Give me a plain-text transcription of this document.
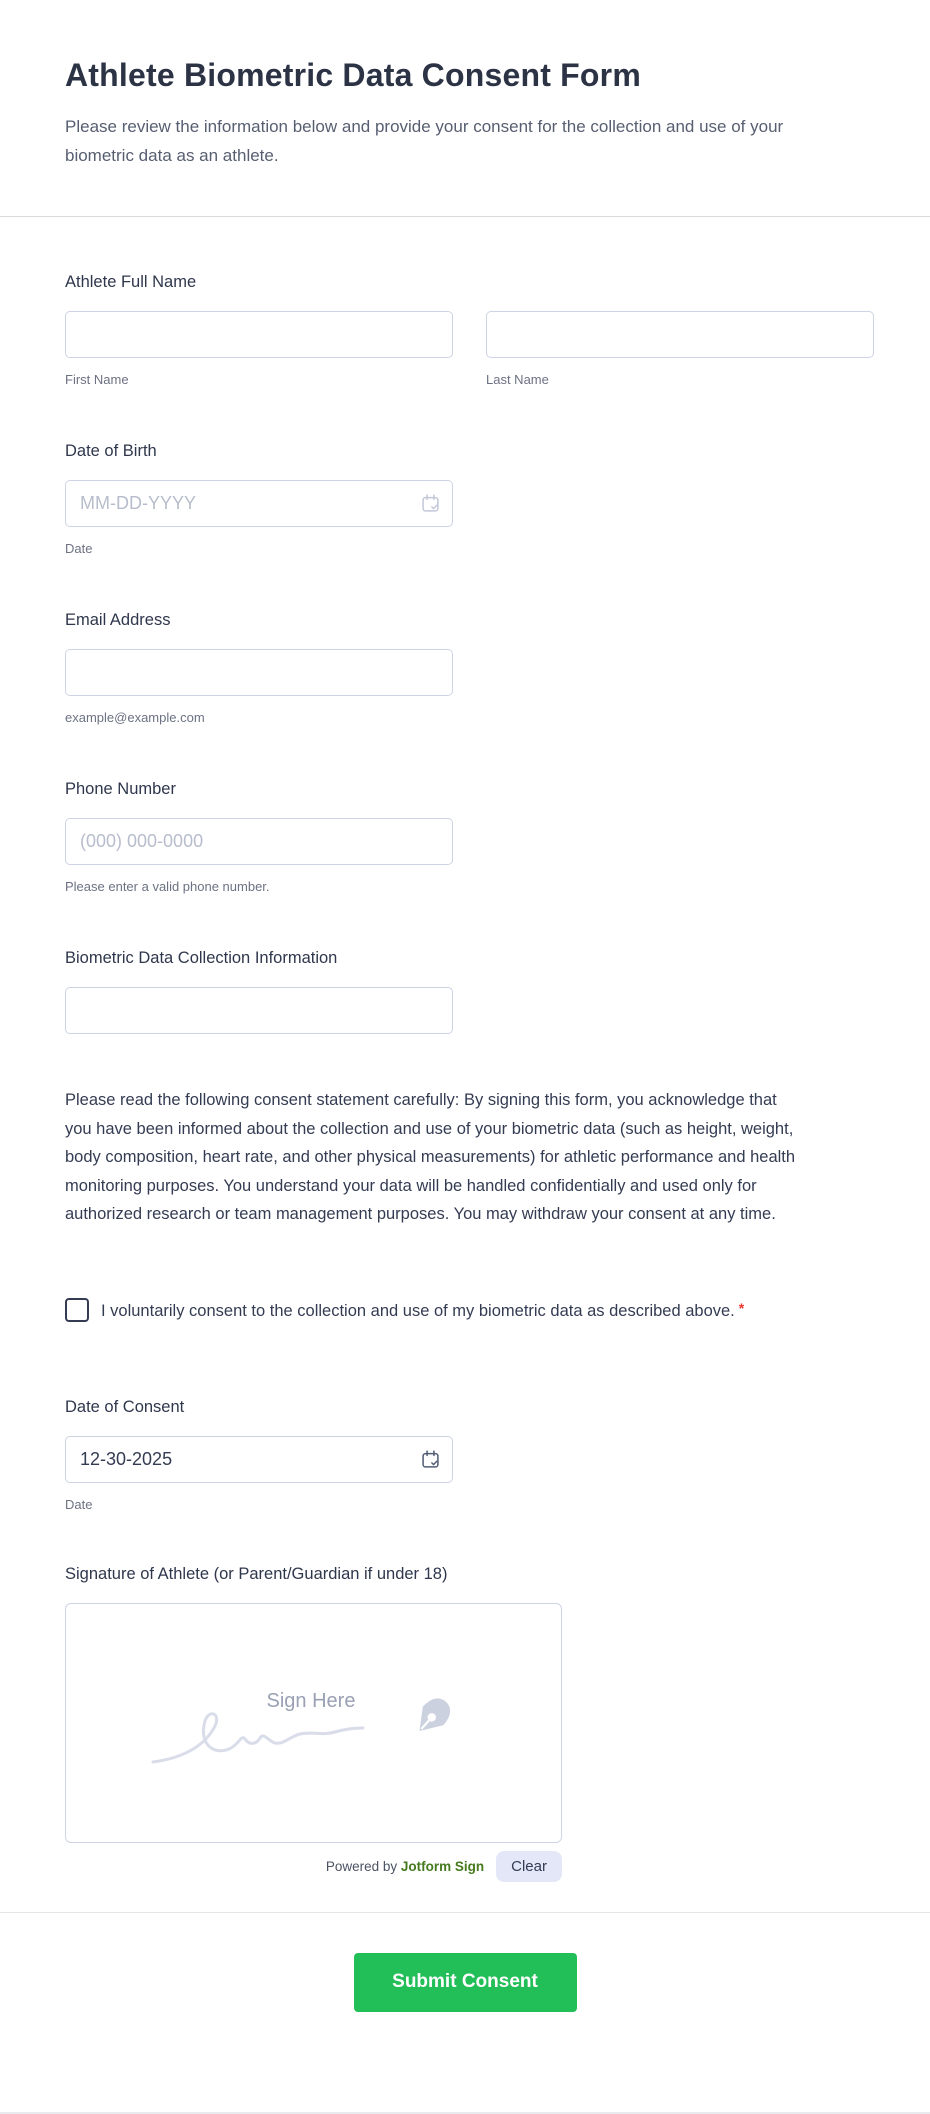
Athlete Biometric Data Consent Form

Please review the information below and provide your consent for the collection and use of your biometric data as an athlete.

Athlete Full Name
First Name	Last Name
Date of Birth
MM-DD-YYYY
Date
Email Address
example@example.com
Phone Number
(000) 000-0000
Please enter a valid phone number.
Biometric Data Collection Information

Please read the following consent statement carefully: By signing this form, you acknowledge that you have been informed about the collection and use of your biometric data (such as height, weight, body composition, heart rate, and other physical measurements) for athletic performance and health monitoring purposes. You understand your data will be handled confidentially and used only for authorized research or team management purposes. You may withdraw your consent at any time.

I voluntarily consent to the collection and use of my biometric data as described above. *
Date of Consent
12-30-2025
Date
Signature of Athlete (or Parent/Guardian if under 18)
Sign Here
Powered by Jotform Sign	Clear
Submit Consent
